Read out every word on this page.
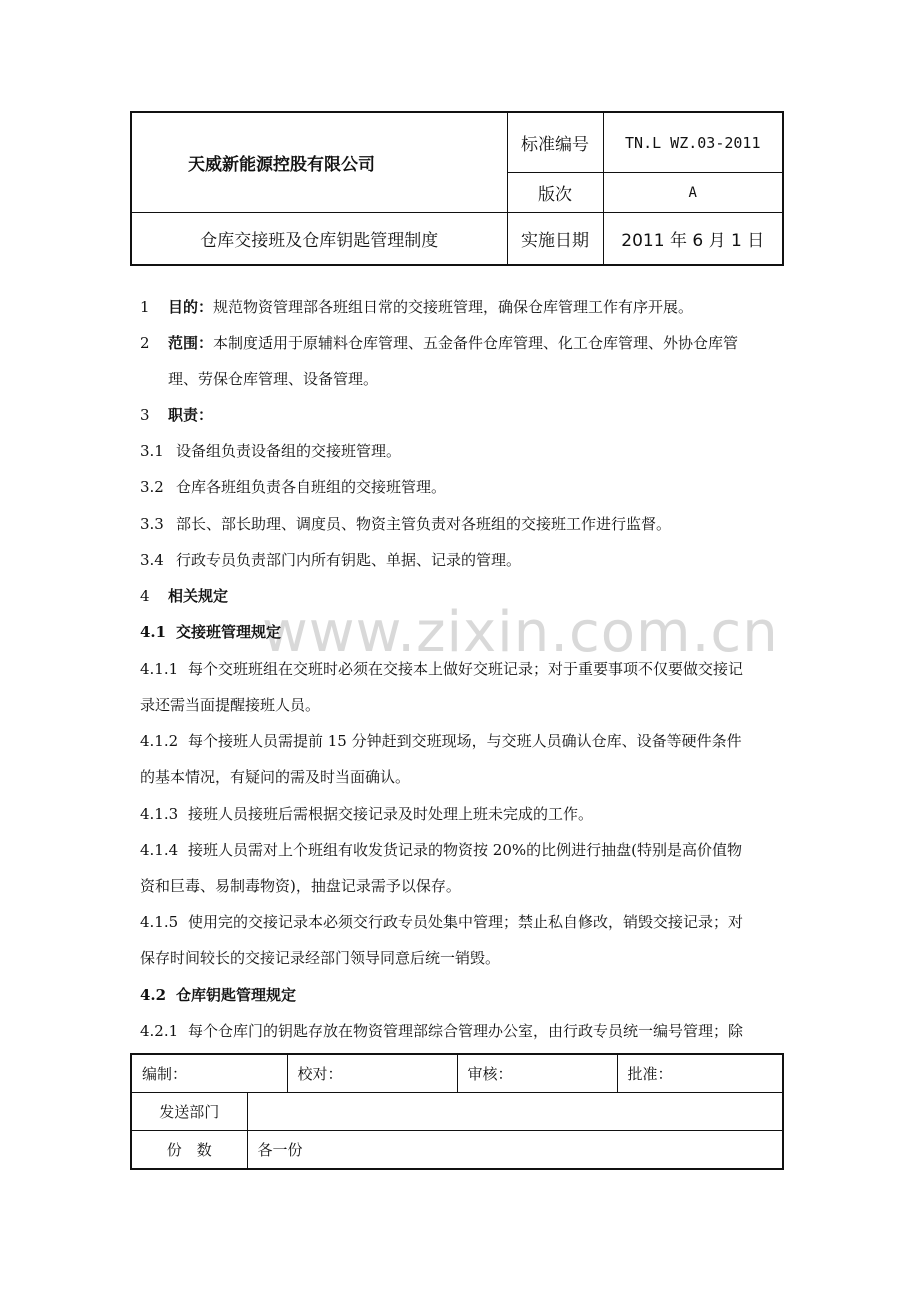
天威新能源控股有限公司	标准编号	TN.L WZ.03-2011
	版次	A
仓库交接班及仓库钥匙管理制度	实施日期	2011 年 6 月 1 日
www.zixin.com.cn
1 目的：规范物资管理部各班组日常的交接班管理，确保仓库管理工作有序开展。
2 范围：本制度适用于原辅料仓库管理、五金备件仓库管理、化工仓库管理、外协仓库管
理、劳保仓库管理、设备管理。
3 职责：
3.1 设备组负责设备组的交接班管理。
3.2 仓库各班组负责各自班组的交接班管理。
3.3 部长、部长助理、调度员、物资主管负责对各班组的交接班工作进行监督。
3.4 行政专员负责部门内所有钥匙、单据、记录的管理。
4 相关规定
4.1 交接班管理规定
4.1.1 每个交班班组在交班时必须在交接本上做好交班记录；对于重要事项不仅要做交接记
录还需当面提醒接班人员。
4.1.2 每个接班人员需提前 15 分钟赶到交班现场，与交班人员确认仓库、设备等硬件条件
的基本情况，有疑问的需及时当面确认。
4.1.3 接班人员接班后需根据交接记录及时处理上班未完成的工作。
4.1.4 接班人员需对上个班组有收发货记录的物资按 20%的比例进行抽盘(特别是高价值物
资和巨毒、易制毒物资)，抽盘记录需予以保存。
4.1.5 使用完的交接记录本必须交行政专员处集中管理；禁止私自修改，销毁交接记录；对
保存时间较长的交接记录经部门领导同意后统一销毁。
4.2 仓库钥匙管理规定
4.2.1 每个仓库门的钥匙存放在物资管理部综合管理办公室，由行政专员统一编号管理；除
编制：		校对：	审核：	批准：
发送部门				
份　数	各一份			
